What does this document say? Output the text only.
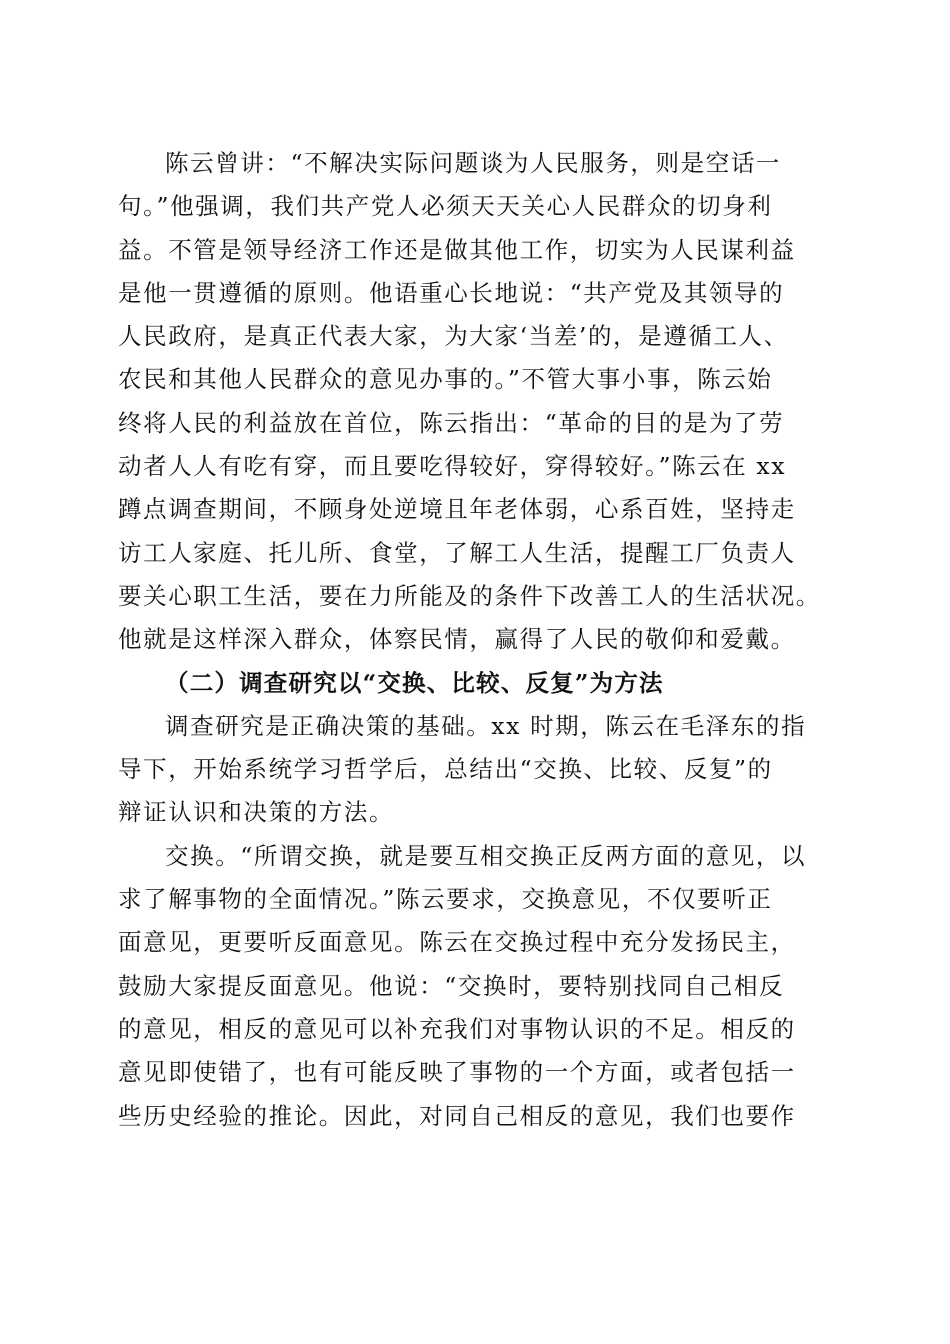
陈云曾讲：“不解决实际问题谈为人民服务，则是空话一
句。”他强调，我们共产党人必须天天关心人民群众的切身利
益。不管是领导经济工作还是做其他工作，切实为人民谋利益
是他一贯遵循的原则。他语重心长地说：“共产党及其领导的
人民政府，是真正代表大家，为大家‘当差’的，是遵循工人、
农民和其他人民群众的意见办事的。”不管大事小事，陈云始
终将人民的利益放在首位，陈云指出：“革命的目的是为了劳
动者人人有吃有穿，而且要吃得较好，穿得较好。”陈云在 xx
蹲点调查期间，不顾身处逆境且年老体弱，心系百姓，坚持走
访工人家庭、托儿所、食堂，了解工人生活，提醒工厂负责人
要关心职工生活，要在力所能及的条件下改善工人的生活状况。
他就是这样深入群众，体察民情，赢得了人民的敬仰和爱戴。
（二）调查研究以“交换、比较、反复”为方法
调查研究是正确决策的基础。xx 时期，陈云在毛泽东的指
导下，开始系统学习哲学后，总结出“交换、比较、反复”的
辩证认识和决策的方法。
交换。“所谓交换，就是要互相交换正反两方面的意见，以
求了解事物的全面情况。”陈云要求，交换意见，不仅要听正
面意见，更要听反面意见。陈云在交换过程中充分发扬民主，
鼓励大家提反面意见。他说：“交换时，要特别找同自己相反
的意见，相反的意见可以补充我们对事物认识的不足。相反的
意见即使错了，也有可能反映了事物的一个方面，或者包括一
些历史经验的推论。因此，对同自己相反的意见，我们也要作
